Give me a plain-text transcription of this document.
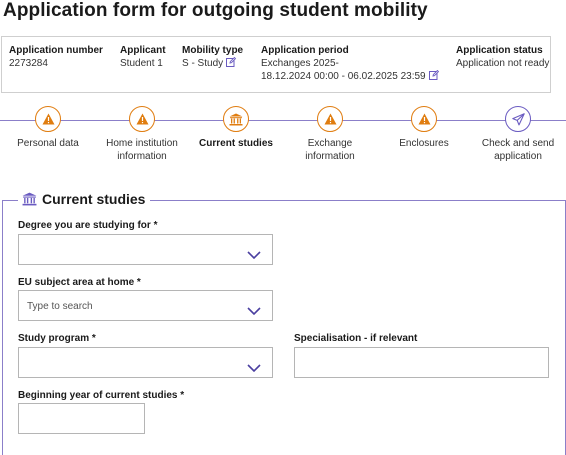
Application form for outgoing student mobility
Application number
2273284
Applicant
Student 1
Mobility type
S - Study
Application period
Exchanges 2025-
18.12.2024 00:00 - 06.02.2025 23:59
Application status
Application not ready
Personal data	Home institution
information
Current studies	Exchange
information
Enclosures	Check and send
application
Current studies
Degree you are studying for *
EU subject area at home *
Type to search
Study program *	Specialisation - if relevant
Beginning year of current studies *
